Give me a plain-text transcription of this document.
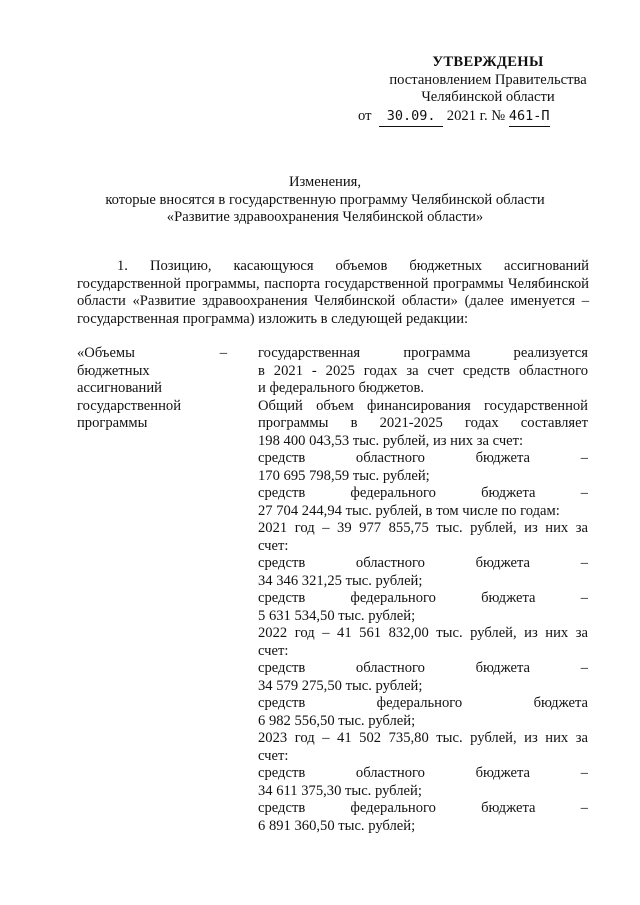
УТВЕРЖДЕНЫ
постановлением Правительства
Челябинской области
от 30.09. 2021 г. № 461-П
Изменения,
которые вносятся в государственную программу Челябинской области
«Развитие здравоохранения Челябинской области»

1. Позицию, касающуюся объемов бюджетных ассигнований государственной программы, паспорта государственной программы Челябинской области «Развитие здравоохранения Челябинской области» (далее именуется – государственная программа) изложить в следующей редакции:

«Объемы	–
бюджетных
ассигнований
государственной
программы
государственная программа реализуется
в 2021 - 2025 годах за счет средств областного
и федерального бюджетов.
Общий объем финансирования государственной
программы в 2021-2025 годах составляет
198 400 043,53 тыс. рублей, из них за счет:
средств областного бюджета –
170 695 798,59 тыс. рублей;
средств федерального бюджета –
27 704 244,94 тыс. рублей, в том числе по годам:
2021 год – 39 977 855,75 тыс. рублей, из них за
счет:
средств областного бюджета –
34 346 321,25 тыс. рублей;
средств федерального бюджета –
5 631 534,50 тыс. рублей;
2022 год – 41 561 832,00 тыс. рублей, из них за
счет:
средств областного бюджета –
34 579 275,50 тыс. рублей;
средств федерального бюджета
6 982 556,50 тыс. рублей;
2023 год – 41 502 735,80 тыс. рублей, из них за
счет:
средств областного бюджета –
34 611 375,30 тыс. рублей;
средств федерального бюджета –
6 891 360,50 тыс. рублей;
